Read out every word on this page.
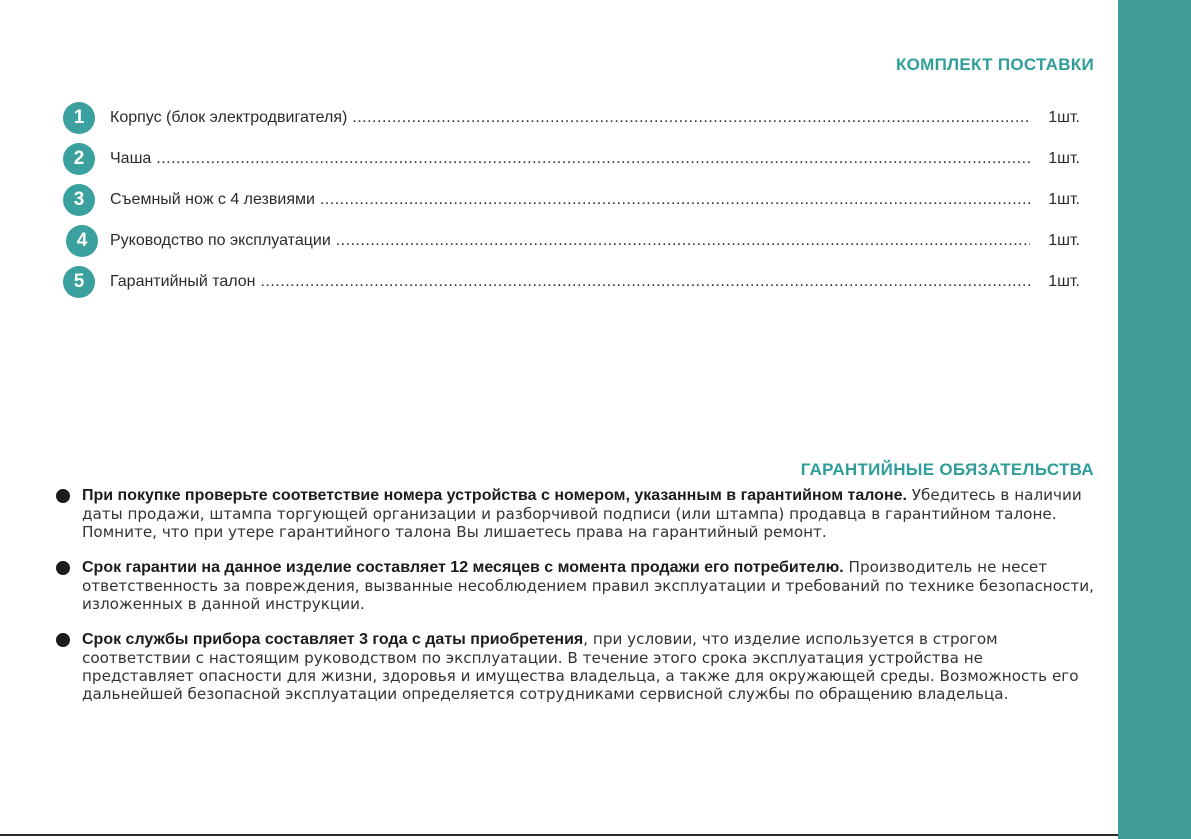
КОМПЛЕКТ ПОСТАВКИ
1	Корпус (блок электродвигателя) .....	1шт.
2	Чаша .....	1шт.
3	Съемный нож с 4 лезвиями .....	1шт.
4	Руководство по эксплуатации .....	1шт.
5	Гарантийный талон .....	1шт.
ГАРАНТИЙНЫЕ ОБЯЗАТЕЛЬСТВА
При покупке проверьте соответствие номера устройства с номером, указанным в гарантийном талоне. Убедитесь в наличии даты продажи, штампа торгующей организации и разборчивой подписи (или штампа) продавца в гарантийном талоне. Помните, что при утере гарантийного талона Вы лишаетесь права на гарантийный ремонт.
Срок гарантии на данное изделие составляет 12 месяцев с момента продажи его потребителю. Производитель не несет ответственность за повреждения, вызванные несоблюдением правил эксплуатации и требований по технике безопасности, изложенных в данной инструкции.
Срок службы прибора составляет 3 года с даты приобретения, при условии, что изделие используется в строгом соответствии с настоящим руководством по эксплуатации. В течение этого срока эксплуатация устройства не представляет опасности для жизни, здоровья и имущества владельца, а также для окружающей среды. Возможность его дальнейшей безопасной эксплуатации определяется сотрудниками сервисной службы по обращению владельца.
